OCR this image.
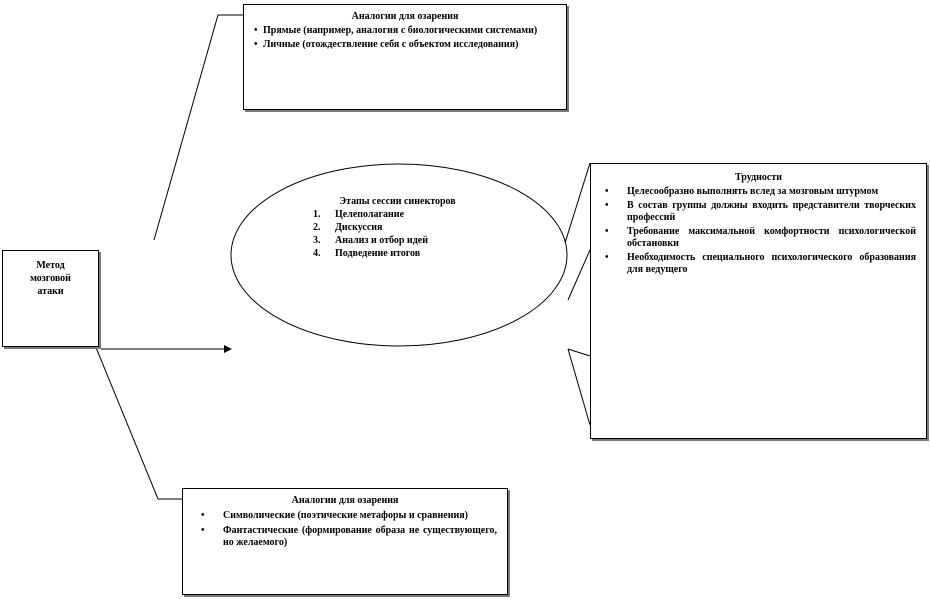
Метод
мозговой
атаки
Аналогии для озарения
• Прямые (например, аналогия с биологическими системами)
• Личные (отождествление себя с объектом исследования)
Этапы сессии синекторов
1. Целеполагание
2. Дискуссия
3. Анализ и отбор идей
4. Подведение итогов
Трудности
• Целесообразно выполнять вслед за мозговым штурмом
• В состав группы должны входить представители творческих профессий
• Требование максимальной комфортности психологической обстановки
• Необходимость специального психологического образования для ведущего
Аналогии для озарения
• Символические (поэтические метафоры и сравнения)
• Фантастические (формирование образа не существующего, но желаемого)
